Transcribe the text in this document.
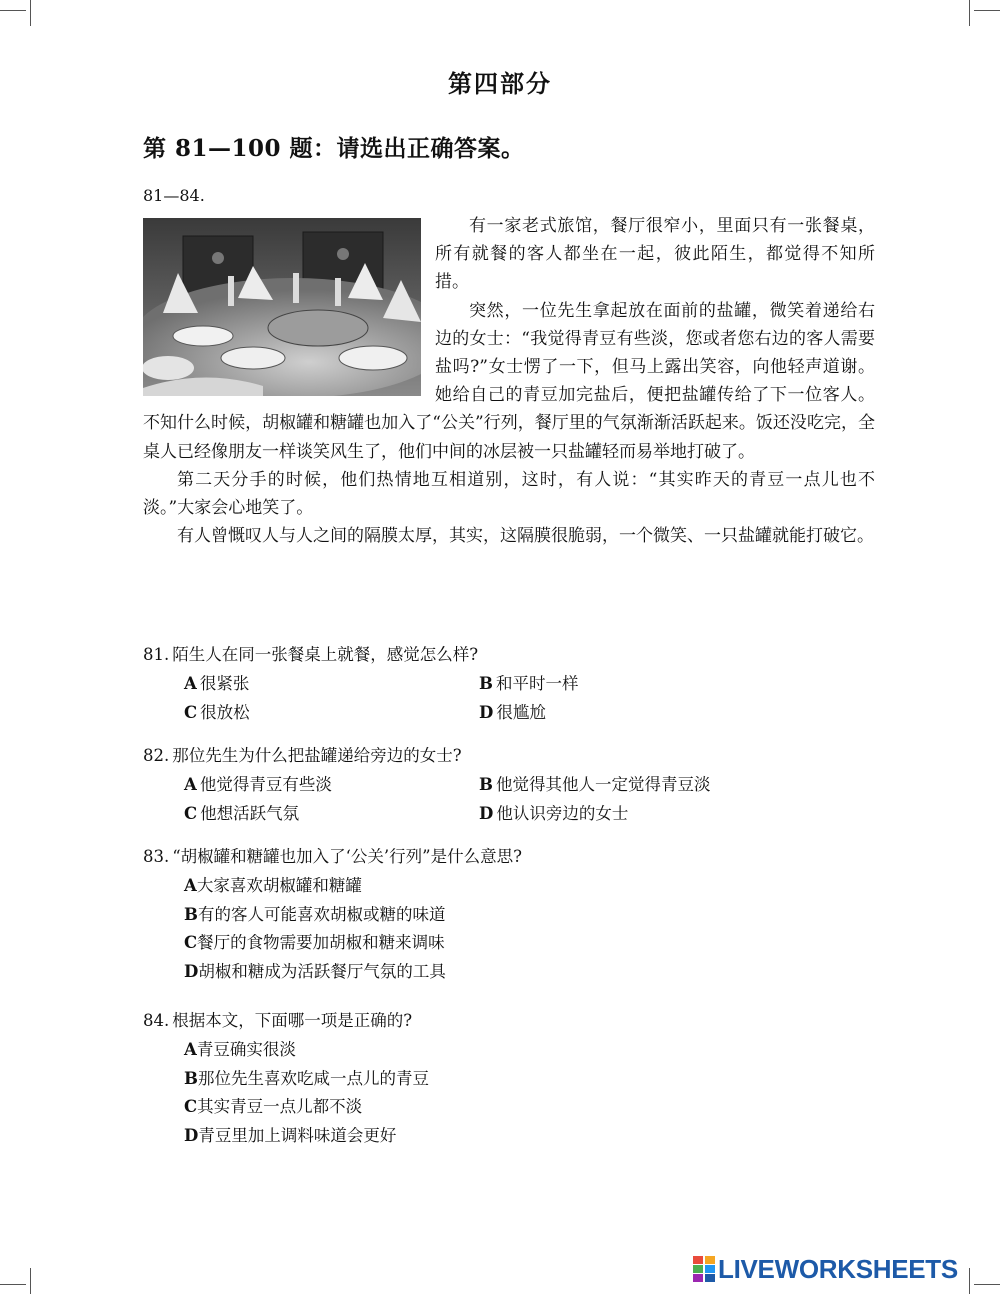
第四部分
第 81—100 题：请选出正确答案。
81—84.

有一家老式旅馆，餐厅很窄小，里面只有一张餐桌，所有就餐的客人都坐在一起，彼此陌生，都觉得不知所措。

突然，一位先生拿起放在面前的盐罐，微笑着递给右边的女士：“我觉得青豆有些淡，您或者您右边的客人需要盐吗?”女士愣了一下，但马上露出笑容，向他轻声道谢。她给自己的青豆加完盐后，便把盐罐传给了下一位客人。不知什么时候，胡椒罐和糖罐也加入了“公关”行列，餐厅里的气氛渐渐活跃起来。饭还没吃完，全桌人已经像朋友一样谈笑风生了，他们中间的冰层被一只盐罐轻而易举地打破了。

第二天分手的时候，他们热情地互相道别，这时，有人说：“其实昨天的青豆一点儿也不淡。”大家会心地笑了。

有人曾慨叹人与人之间的隔膜太厚，其实，这隔膜很脆弱，一个微笑、一只盐罐就能打破它。

81. 陌生人在同一张餐桌上就餐，感觉怎么样?
A 很紧张	B 和平时一样
C 很放松	D 很尴尬
82. 那位先生为什么把盐罐递给旁边的女士?
A 他觉得青豆有些淡	B 他觉得其他人一定觉得青豆淡
C 他想活跃气氛	D 他认识旁边的女士
83. “胡椒罐和糖罐也加入了‘公关’行列”是什么意思?
A大家喜欢胡椒罐和糖罐
B有的客人可能喜欢胡椒或糖的味道
C餐厅的食物需要加胡椒和糖来调味
D胡椒和糖成为活跃餐厅气氛的工具
84. 根据本文，下面哪一项是正确的?
A青豆确实很淡
B那位先生喜欢吃咸一点儿的青豆
C其实青豆一点儿都不淡
D青豆里加上调料味道会更好
LIVEWORKSHEETS
